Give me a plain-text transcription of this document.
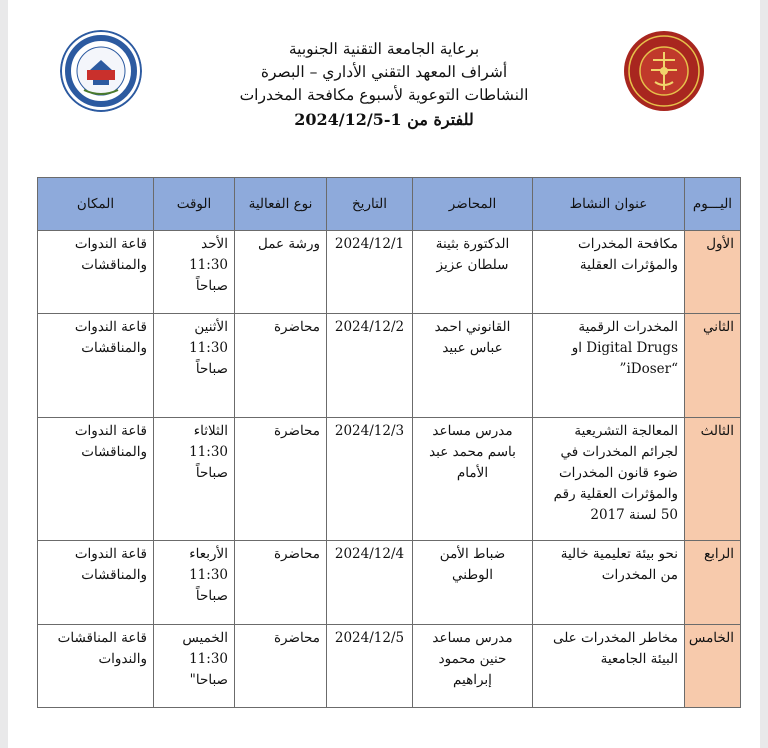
برعاية الجامعة التقنية الجنوبية
أشراف المعهد التقني الأداري – البصرة
النشاطات التوعوية لأسبوع مكافحة المخدرات
للفترة من 1-2024/12/5
اليـــوم	عنوان النشاط	المحاضر	التاريخ	نوع الفعالية	الوقت	المكان
الأول	مكافحة المخدرات والمؤثرات العقلية	الدكتورة بثينة سلطان عزيز	2024/12/1	ورشة عمل	الأحد 11:30 صباحاً	قاعة الندوات والمناقشات
الثاني	المخدرات الرقمية Digital Drugs او “iDoser”	القانوني احمد عباس عبيد	2024/12/2	محاضرة	الأثنين 11:30 صباحاً	قاعة الندوات والمناقشات
الثالث	المعالجة التشريعية لجرائم المخدرات في ضوء قانون المخدرات والمؤثرات العقلية رقم 50 لسنة 2017	مدرس مساعد باسم محمد عبد الأمام	2024/12/3	محاضرة	الثلاثاء 11:30 صباحاً	قاعة الندوات والمناقشات
الرابع	نحو بيئة تعليمية خالية من المخدرات	ضباط الأمن الوطني	2024/12/4	محاضرة	الأربعاء 11:30 صباحاً	قاعة الندوات والمناقشات
الخامس	مخاطر المخدرات على البيئة الجامعية	مدرس مساعد حنين محمود إبراهيم	2024/12/5	محاضرة	الخميس 11:30 صباحا"	قاعة المناقشات والندوات
